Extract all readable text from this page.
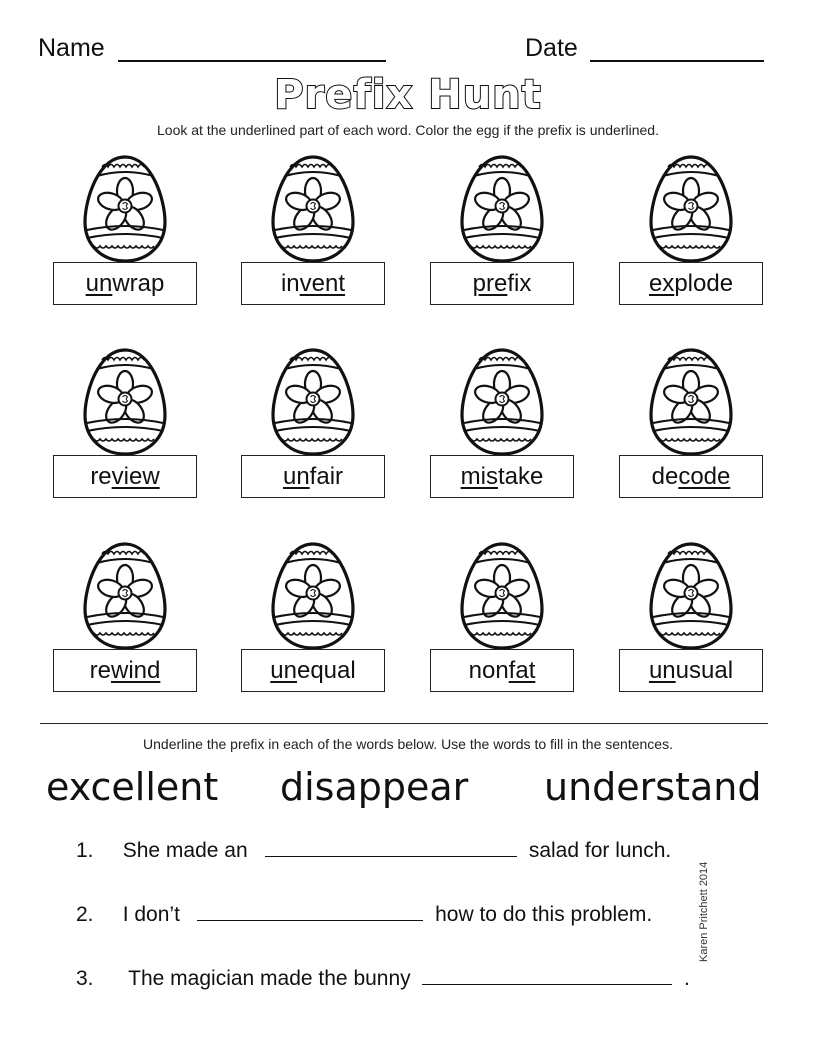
Name	Date
Prefix Hunt
Look at the underlined part of each word. Color the egg if the prefix is underlined.
un wrap	in vent	pre fix	ex plode
re view	un fair	mis take	de code
re wind	un equal	non fat	un usual
Underline the prefix in each of the words below. Use the words to fill in the sentences.
excellent disappear understand
1. She made an	salad for lunch.
2. I don’t	how to do this problem.
3. The magician made the bunny	.
Karen Pritchett 2014
